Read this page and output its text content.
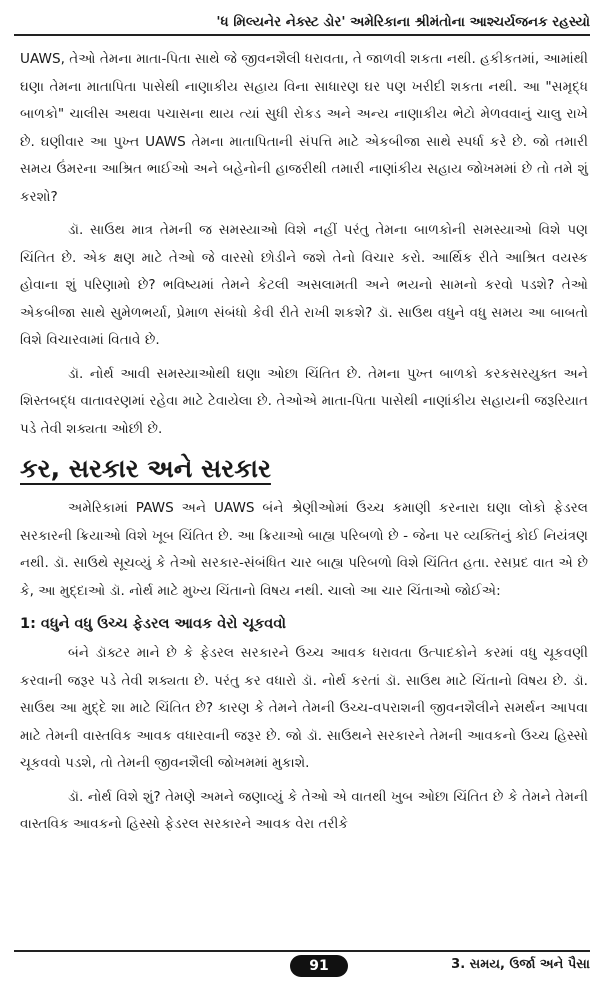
'ધ મિલ્યનેર નેક્સ્ટ ડોર' અમેરિકાના શ્રીમંતોના આશ્ચર્યજનક રહસ્યો

UAWS, તેઓ તેમના માતા-પિતા સાથે જે જીવનશૈલી ધરાવતા, તે જાળવી શકતા નથી. હકીકતમાં, આમાંથી ઘણા તેમના માતાપિતા પાસેથી નાણાકીય સહાય વિના સાધારણ ઘર પણ ખરીદી શકતા નથી. આ "સમૃદ્ધ બાળકો" ચાલીસ અથવા પચાસના થાય ત્યાં સુધી રોકડ અને અન્ય નાણાકીય ભેટો મેળવવાનું ચાલુ રાખે છે. ઘણીવાર આ પુખ્ત UAWS તેમના માતાપિતાની સંપત્તિ માટે એકબીજા સાથે સ્પર્ધા કરે છે. જો તમારી સમય ઉંમરના આશ્રિત ભાઈઓ અને બહેનોની હાજરીથી તમારી નાણાંકીય સહાય જોખમમાં છે તો તમે શું કરશો?

ડૉ. સાઉથ માત્ર તેમની જ સમસ્યાઓ વિશે નહીં પરંતુ તેમના બાળકોની સમસ્યાઓ વિશે પણ ચિંતિત છે. એક ક્ષણ માટે તેઓ જે વારસો છોડીને જશે તેનો વિચાર કરો. આર્થિક રીતે આશ્રિત વયસ્ક હોવાના શું પરિણામો છે? ભવિષ્યમાં તેમને કેટલી અસલામતી અને ભયનો સામનો કરવો પડશે? તેઓ એકબીજા સાથે સુમેળભર્યા, પ્રેમાળ સંબંધો કેવી રીતે રાખી શકશે? ડૉ. સાઉથ વધુને વધુ સમય આ બાબતો વિશે વિચારવામાં વિતાવે છે.

ડૉ. નોર્થ આવી સમસ્યાઓથી ઘણા ઓછા ચિંતિત છે. તેમના પુખ્ત બાળકો કરકસરયુક્ત અને શિસ્તબદ્ધ વાતાવરણમાં રહેવા માટે ટેવાયેલા છે. તેઓએ માતા-પિતા પાસેથી નાણાંકીય સહાયની જરૂરિયાત પડે તેવી શક્યતા ઓછી છે.

કર, સરકાર અને સરકાર

અમેરિકામાં PAWS અને UAWS બંને શ્રેણીઓમાં ઉચ્ચ કમાણી કરનારા ઘણા લોકો ફેડરલ સરકારની ક્રિયાઓ વિશે ખૂબ ચિંતિત છે. આ ક્રિયાઓ બાહ્ય પરિબળો છે - જેના પર વ્યક્તિનું કોઈ નિયંત્રણ નથી. ડૉ. સાઉથે સૂચવ્યું કે તેઓ સરકાર-સંબંધિત ચાર બાહ્ય પરિબળો વિશે ચિંતિત હતા. રસપ્રદ વાત એ છે કે, આ મુદ્દાઓ ડૉ. નોર્થ માટે મુખ્ય ચિંતાનો વિષય નથી. ચાલો આ ચાર ચિંતાઓ જોઈએ:

1: વધુને વધુ ઉચ્ચ ફેડરલ આવક વેરો ચૂકવવો

બંને ડૉક્ટર માને છે કે ફેડરલ સરકારને ઉચ્ચ આવક ધરાવતા ઉત્પાદકોને કરમાં વધુ ચૂકવણી કરવાની જરૂર પડે તેવી શક્યતા છે. પરંતુ કર વધારો ડૉ. નોર્થ કરતાં ડૉ. સાઉથ માટે ચિંતાનો વિષય છે. ડૉ. સાઉથ આ મુદ્દે શા માટે ચિંતિત છે? કારણ કે તેમને તેમની ઉચ્ચ-વપરાશની જીવનશૈલીને સમર્થન આપવા માટે તેમની વાસ્તવિક આવક વધારવાની જરૂર છે. જો ડૉ. સાઉથને સરકારને તેમની આવકનો ઉચ્ચ હિસ્સો ચૂકવવો પડશે, તો તેમની જીવનશૈલી જોખમમાં મુકાશે.

ડૉ. નોર્થ વિશે શું? તેમણે અમને જણાવ્યું કે તેઓ એ વાતથી ખુબ ઓછા ચિંતિત છે કે તેમને તેમની વાસ્તવિક આવકનો હિસ્સો ફેડરલ સરકારને આવક વેરા તરીકે

91	3. સમય, ઉર્જા અને પૈસા
